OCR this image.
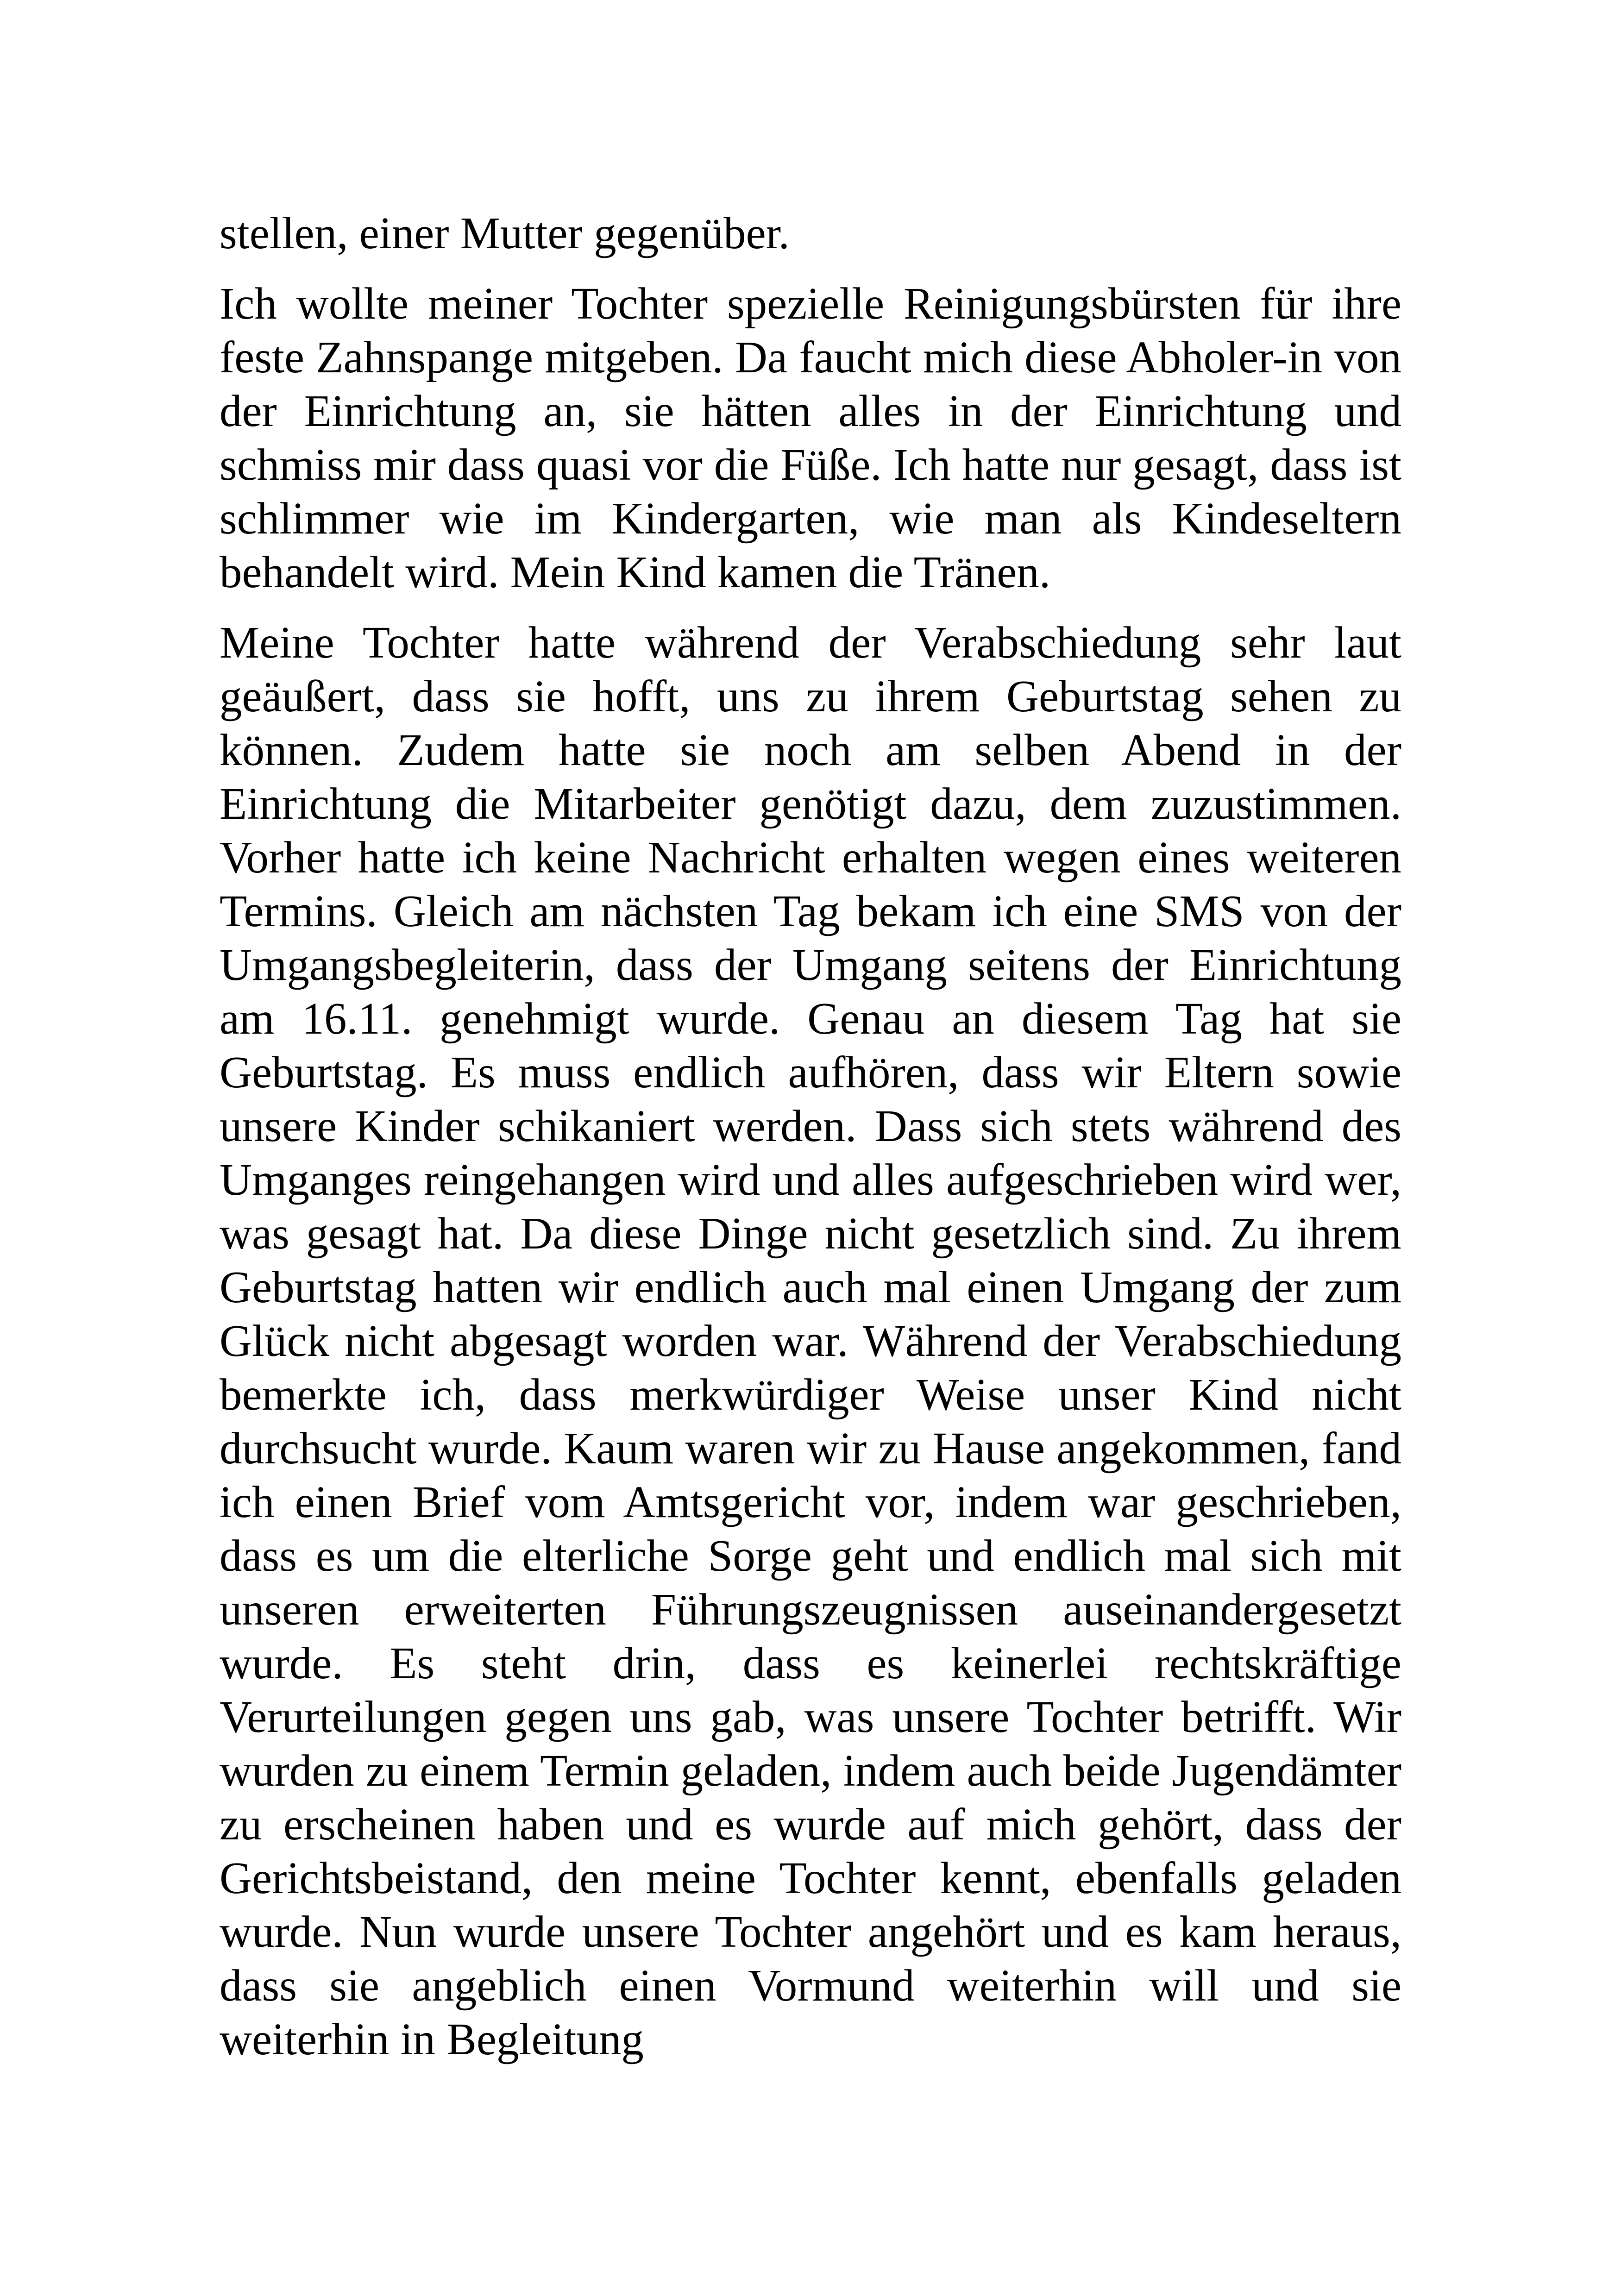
stellen, einer Mutter gegenüber.

Ich wollte meiner Tochter spezielle Reinigungsbürsten für ihre feste Zahnspange mitgeben. Da faucht mich diese Abholer-in von der Einrichtung an, sie hätten alles in der Einrichtung und schmiss mir dass quasi vor die Füße. Ich hatte nur gesagt, dass ist schlimmer wie im Kindergarten, wie man als Kindeseltern behandelt wird. Mein Kind kamen die Tränen.

Meine Tochter hatte während der Verabschiedung sehr laut geäußert, dass sie hofft, uns zu ihrem Geburtstag sehen zu können. Zudem hatte sie noch am selben Abend in der Einrichtung die Mitarbeiter genötigt dazu, dem zuzustimmen. Vorher hatte ich keine Nachricht erhalten wegen eines weiteren Termins. Gleich am nächsten Tag bekam ich eine SMS von der Umgangsbegleiterin, dass der Umgang seitens der Einrichtung am 16.11. genehmigt wurde. Genau an diesem Tag hat sie Geburtstag. Es muss endlich aufhören, dass wir Eltern sowie unsere Kinder schikaniert werden. Dass sich stets während des Umganges reingehangen wird und alles aufgeschrieben wird wer, was gesagt hat. Da diese Dinge nicht gesetzlich sind. Zu ihrem Geburtstag hatten wir endlich auch mal einen Umgang der zum Glück nicht abgesagt worden war. Während der Verabschiedung bemerkte ich, dass merkwürdiger Weise unser Kind nicht durchsucht wurde. Kaum waren wir zu Hause angekommen, fand ich einen Brief vom Amtsgericht vor, indem war geschrieben, dass es um die elterliche Sorge geht und endlich mal sich mit unseren erweiterten Führungszeugnissen auseinandergesetzt wurde. Es steht drin, dass es keinerlei rechtskräftige Verurteilungen gegen uns gab, was unsere Tochter betrifft. Wir wurden zu einem Termin geladen, indem auch beide Jugendämter zu erscheinen haben und es wurde auf mich gehört, dass der Gerichtsbeistand, den meine Tochter kennt, ebenfalls geladen wurde. Nun wurde unsere Tochter angehört und es kam heraus, dass sie angeblich einen Vormund weiterhin will und sie weiterhin in Begleitung
